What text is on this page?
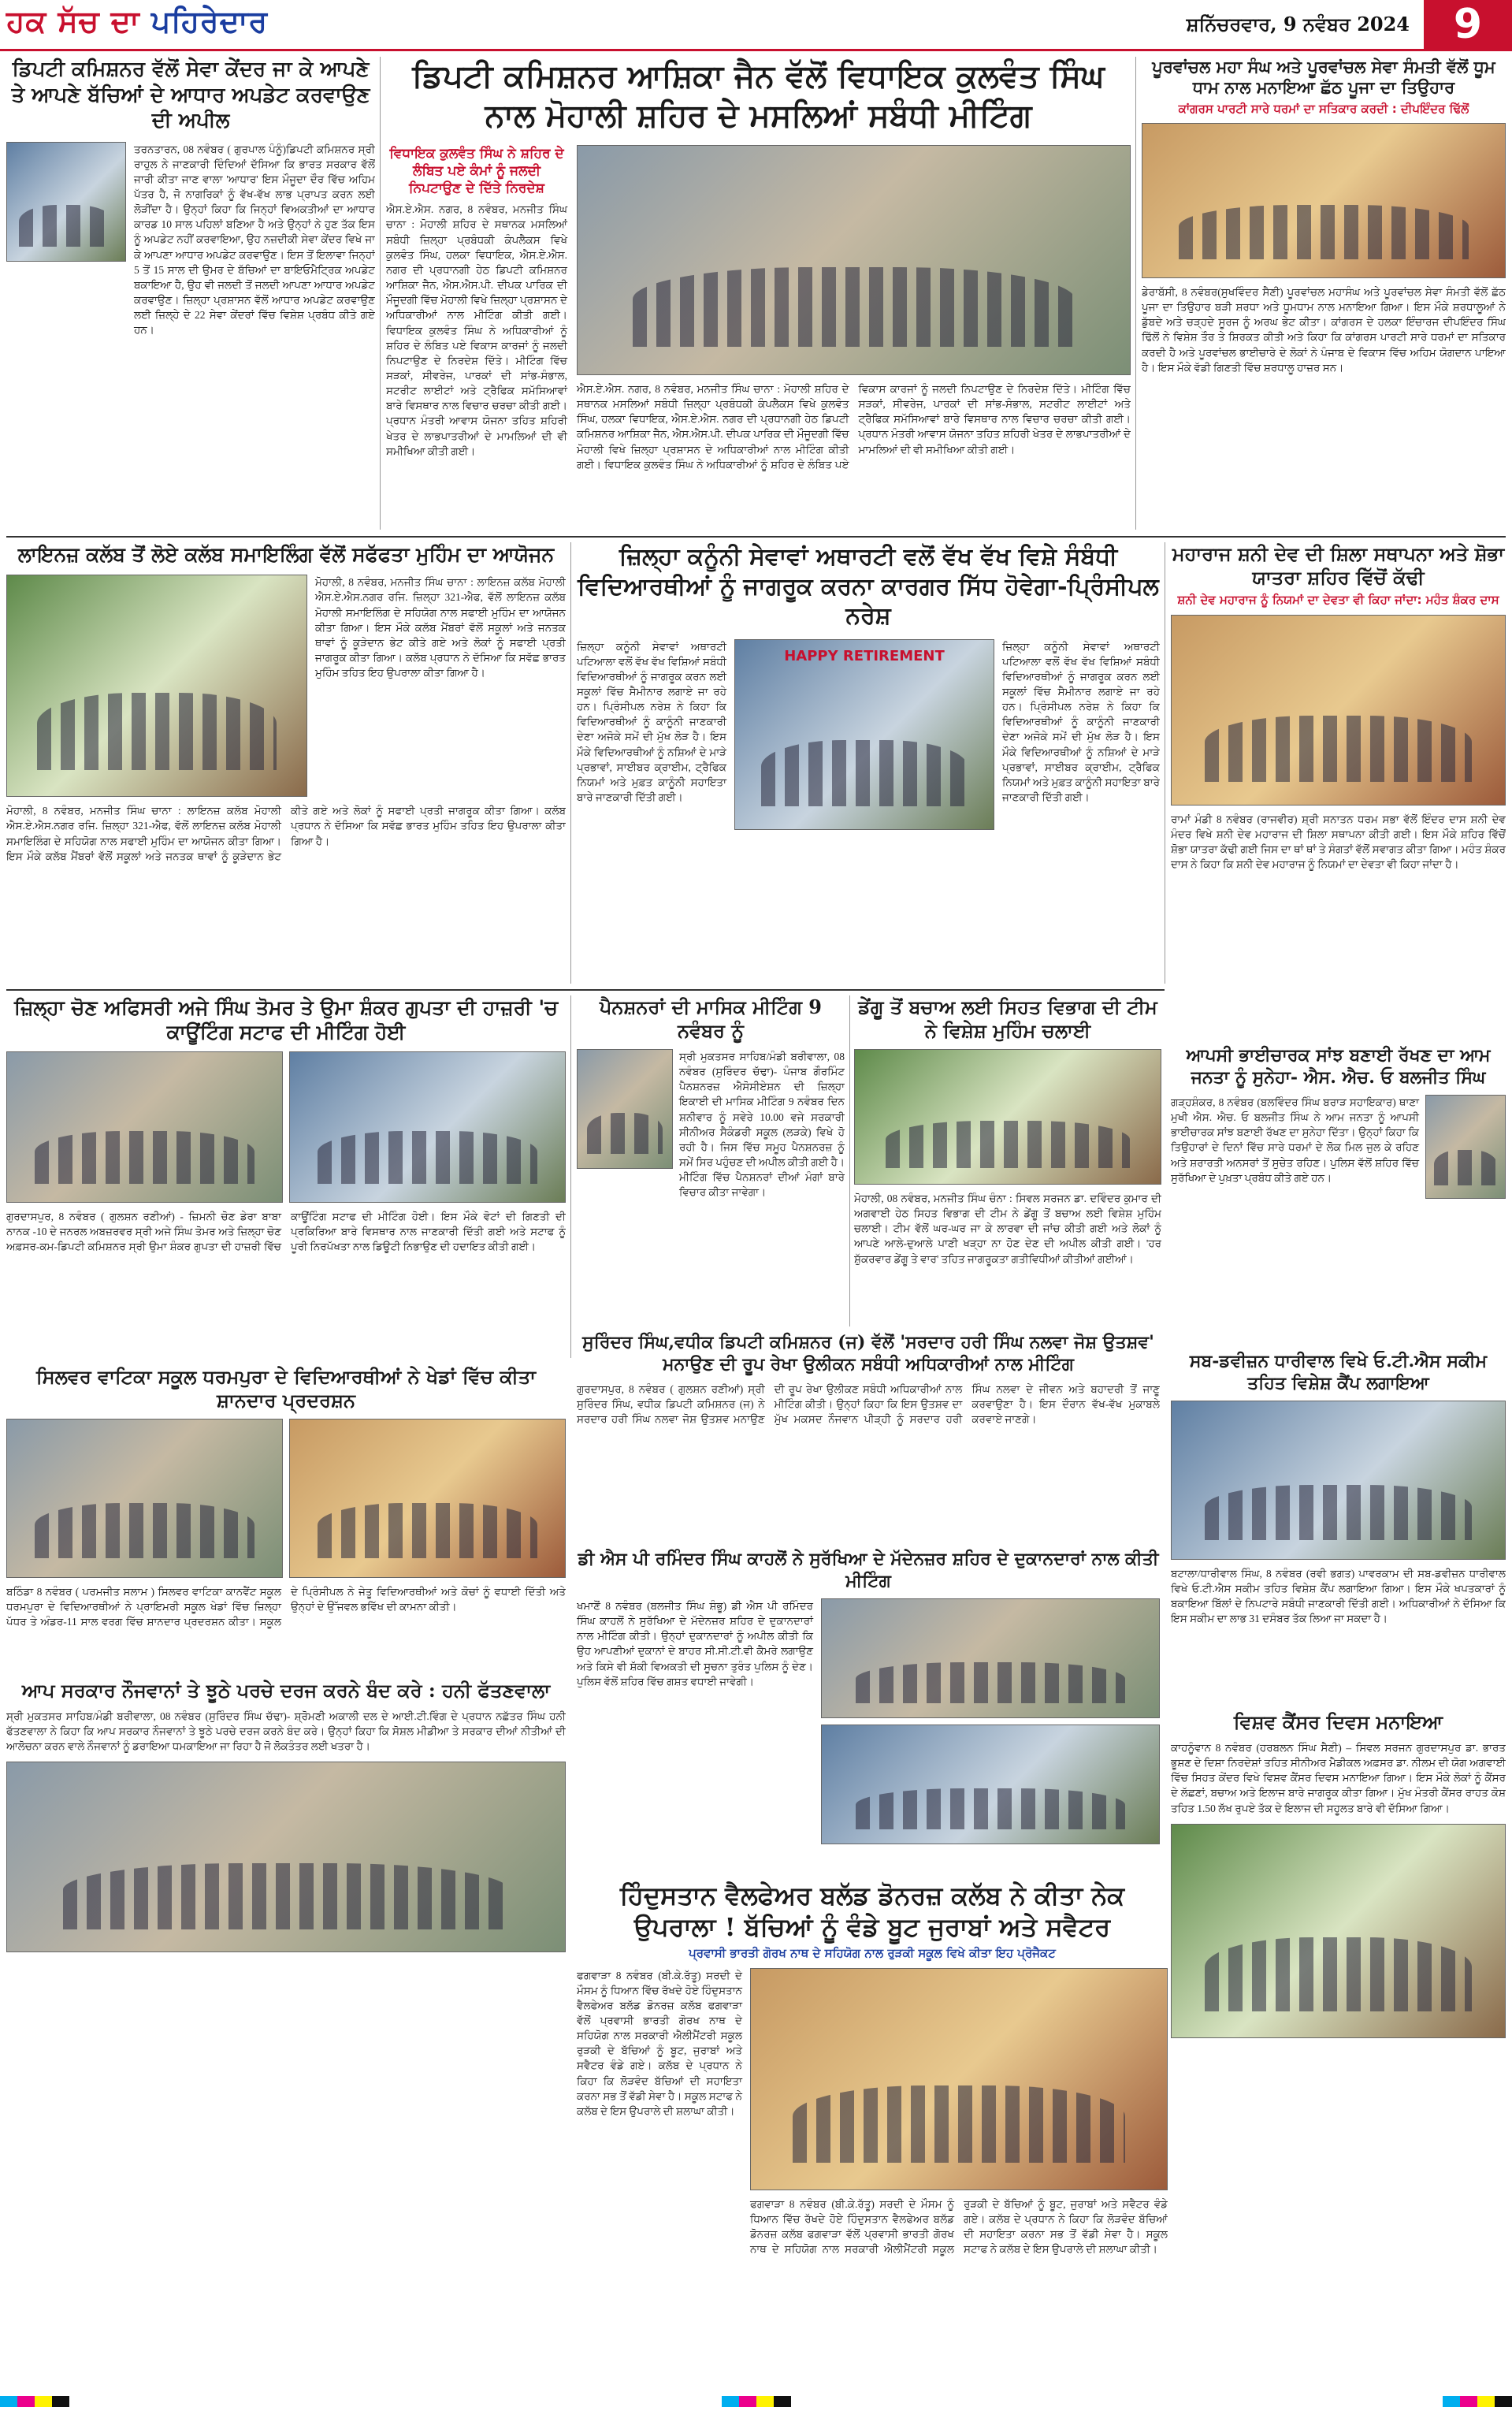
ਹਕ ਸੱਚ ਦਾ ਪਹਿਰੇਦਾਰ	ਸ਼ਨਿੱਚਰਵਾਰ, 9 ਨਵੰਬਰ 2024	9
ਡਿਪਟੀ ਕਮਿਸ਼ਨਰ ਵੱਲੋਂ ਸੇਵਾ ਕੇਂਦਰ ਜਾ ਕੇ ਆਪਣੇ ਤੇ ਆਪਣੇ ਬੱਚਿਆਂ ਦੇ ਆਧਾਰ ਅਪਡੇਟ ਕਰਵਾਉਣ ਦੀ ਅਪੀਲ
ਤਰਨਤਾਰਨ, 08 ਨਵੰਬਰ ( ਗੁਰਪਾਲ ਪੰਨੂੰ)ਡਿਪਟੀ ਕਮਿਸ਼ਨਰ ਸ੍ਰੀ ਰਾਹੁਲ ਨੇ ਜਾਣਕਾਰੀ ਦਿੰਦਿਆਂ ਦੱਸਿਆ ਕਿ ਭਾਰਤ ਸਰਕਾਰ ਵੱਲੋਂ ਜਾਰੀ ਕੀਤਾ ਜਾਣ ਵਾਲਾ 'ਆਧਾਰ' ਇਸ ਮੌਜੂਦਾ ਦੌਰ ਵਿੱਚ ਅਹਿਮ ਪੱਤਰ ਹੈ, ਜੋ ਨਾਗਰਿਕਾਂ ਨੂੰ ਵੱਖ-ਵੱਖ ਲਾਭ ਪ੍ਰਾਪਤ ਕਰਨ ਲਈ ਲੋੜੀਂਦਾ ਹੈ। ਉਨ੍ਹਾਂ ਕਿਹਾ ਕਿ ਜਿਨ੍ਹਾਂ ਵਿਅਕਤੀਆਂ ਦਾ ਆਧਾਰ ਕਾਰਡ 10 ਸਾਲ ਪਹਿਲਾਂ ਬਣਿਆ ਹੈ ਅਤੇ ਉਨ੍ਹਾਂ ਨੇ ਹੁਣ ਤੱਕ ਇਸ ਨੂੰ ਅਪਡੇਟ ਨਹੀਂ ਕਰਵਾਇਆ, ਉਹ ਨਜ਼ਦੀਕੀ ਸੇਵਾ ਕੇਂਦਰ ਵਿਖੇ ਜਾ ਕੇ ਆਪਣਾ ਆਧਾਰ ਅਪਡੇਟ ਕਰਵਾਉਣ। ਇਸ ਤੋਂ ਇਲਾਵਾ ਜਿਨ੍ਹਾਂ 5 ਤੋਂ 15 ਸਾਲ ਦੀ ਉਮਰ ਦੇ ਬੱਚਿਆਂ ਦਾ ਬਾਇਓਮੈਟ੍ਰਿਕ ਅਪਡੇਟ ਬਕਾਇਆ ਹੈ, ਉਹ ਵੀ ਜਲਦੀ ਤੋਂ ਜਲਦੀ ਆਪਣਾ ਆਧਾਰ ਅਪਡੇਟ ਕਰਵਾਉਣ। ਜ਼ਿਲ੍ਹਾ ਪ੍ਰਸ਼ਾਸਨ ਵੱਲੋਂ ਆਧਾਰ ਅਪਡੇਟ ਕਰਵਾਉਣ ਲਈ ਜ਼ਿਲ੍ਹੇ ਦੇ 22 ਸੇਵਾ ਕੇਂਦਰਾਂ ਵਿੱਚ ਵਿਸ਼ੇਸ਼ ਪ੍ਰਬੰਧ ਕੀਤੇ ਗਏ ਹਨ।
ਡਿਪਟੀ ਕਮਿਸ਼ਨਰ ਆਸ਼ਿਕਾ ਜੈਨ ਵੱਲੋਂ ਵਿਧਾਇਕ ਕੁਲਵੰਤ ਸਿੰਘ ਨਾਲ ਮੋਹਾਲੀ ਸ਼ਹਿਰ ਦੇ ਮਸਲਿਆਂ ਸਬੰਧੀ ਮੀਟਿੰਗ
ਵਿਧਾਇਕ ਕੁਲਵੰਤ ਸਿੰਘ ਨੇ ਸ਼ਹਿਰ ਦੇ ਲੰਬਿਤ ਪਏ ਕੰਮਾਂ ਨੂੰ ਜਲਦੀ ਨਿਪਟਾਉਣ ਦੇ ਦਿੱਤੇ ਨਿਰਦੇਸ਼
ਐਸ.ਏ.ਐਸ. ਨਗਰ, 8 ਨਵੰਬਰ, ਮਨਜੀਤ ਸਿੰਘ ਚਾਨਾ : ਮੋਹਾਲੀ ਸ਼ਹਿਰ ਦੇ ਸਥਾਨਕ ਮਸਲਿਆਂ ਸਬੰਧੀ ਜ਼ਿਲ੍ਹਾ ਪ੍ਰਬੰਧਕੀ ਕੰਪਲੈਕਸ ਵਿਖੇ ਕੁਲਵੰਤ ਸਿੰਘ, ਹਲਕਾ ਵਿਧਾਇਕ, ਐਸ.ਏ.ਐਸ. ਨਗਰ ਦੀ ਪ੍ਰਧਾਨਗੀ ਹੇਠ ਡਿਪਟੀ ਕਮਿਸ਼ਨਰ ਆਸ਼ਿਕਾ ਜੈਨ, ਐਸ.ਐਸ.ਪੀ. ਦੀਪਕ ਪਾਰਿਕ ਦੀ ਮੌਜੂਦਗੀ ਵਿੱਚ ਮੋਹਾਲੀ ਵਿਖੇ ਜ਼ਿਲ੍ਹਾ ਪ੍ਰਸ਼ਾਸਨ ਦੇ ਅਧਿਕਾਰੀਆਂ ਨਾਲ ਮੀਟਿੰਗ ਕੀਤੀ ਗਈ। ਵਿਧਾਇਕ ਕੁਲਵੰਤ ਸਿੰਘ ਨੇ ਅਧਿਕਾਰੀਆਂ ਨੂੰ ਸ਼ਹਿਰ ਦੇ ਲੰਬਿਤ ਪਏ ਵਿਕਾਸ ਕਾਰਜਾਂ ਨੂੰ ਜਲਦੀ ਨਿਪਟਾਉਣ ਦੇ ਨਿਰਦੇਸ਼ ਦਿੱਤੇ। ਮੀਟਿੰਗ ਵਿੱਚ ਸੜਕਾਂ, ਸੀਵਰੇਜ, ਪਾਰਕਾਂ ਦੀ ਸਾਂਭ-ਸੰਭਾਲ, ਸਟਰੀਟ ਲਾਈਟਾਂ ਅਤੇ ਟ੍ਰੈਫਿਕ ਸਮੱਸਿਆਵਾਂ ਬਾਰੇ ਵਿਸਥਾਰ ਨਾਲ ਵਿਚਾਰ ਚਰਚਾ ਕੀਤੀ ਗਈ। ਪ੍ਰਧਾਨ ਮੰਤਰੀ ਆਵਾਸ ਯੋਜਨਾ ਤਹਿਤ ਸ਼ਹਿਰੀ ਖੇਤਰ ਦੇ ਲਾਭਪਾਤਰੀਆਂ ਦੇ ਮਾਮਲਿਆਂ ਦੀ ਵੀ ਸਮੀਖਿਆ ਕੀਤੀ ਗਈ।
ਐਸ.ਏ.ਐਸ. ਨਗਰ, 8 ਨਵੰਬਰ, ਮਨਜੀਤ ਸਿੰਘ ਚਾਨਾ : ਮੋਹਾਲੀ ਸ਼ਹਿਰ ਦੇ ਸਥਾਨਕ ਮਸਲਿਆਂ ਸਬੰਧੀ ਜ਼ਿਲ੍ਹਾ ਪ੍ਰਬੰਧਕੀ ਕੰਪਲੈਕਸ ਵਿਖੇ ਕੁਲਵੰਤ ਸਿੰਘ, ਹਲਕਾ ਵਿਧਾਇਕ, ਐਸ.ਏ.ਐਸ. ਨਗਰ ਦੀ ਪ੍ਰਧਾਨਗੀ ਹੇਠ ਡਿਪਟੀ ਕਮਿਸ਼ਨਰ ਆਸ਼ਿਕਾ ਜੈਨ, ਐਸ.ਐਸ.ਪੀ. ਦੀਪਕ ਪਾਰਿਕ ਦੀ ਮੌਜੂਦਗੀ ਵਿੱਚ ਮੋਹਾਲੀ ਵਿਖੇ ਜ਼ਿਲ੍ਹਾ ਪ੍ਰਸ਼ਾਸਨ ਦੇ ਅਧਿਕਾਰੀਆਂ ਨਾਲ ਮੀਟਿੰਗ ਕੀਤੀ ਗਈ। ਵਿਧਾਇਕ ਕੁਲਵੰਤ ਸਿੰਘ ਨੇ ਅਧਿਕਾਰੀਆਂ ਨੂੰ ਸ਼ਹਿਰ ਦੇ ਲੰਬਿਤ ਪਏ ਵਿਕਾਸ ਕਾਰਜਾਂ ਨੂੰ ਜਲਦੀ ਨਿਪਟਾਉਣ ਦੇ ਨਿਰਦੇਸ਼ ਦਿੱਤੇ। ਮੀਟਿੰਗ ਵਿੱਚ ਸੜਕਾਂ, ਸੀਵਰੇਜ, ਪਾਰਕਾਂ ਦੀ ਸਾਂਭ-ਸੰਭਾਲ, ਸਟਰੀਟ ਲਾਈਟਾਂ ਅਤੇ ਟ੍ਰੈਫਿਕ ਸਮੱਸਿਆਵਾਂ ਬਾਰੇ ਵਿਸਥਾਰ ਨਾਲ ਵਿਚਾਰ ਚਰਚਾ ਕੀਤੀ ਗਈ। ਪ੍ਰਧਾਨ ਮੰਤਰੀ ਆਵਾਸ ਯੋਜਨਾ ਤਹਿਤ ਸ਼ਹਿਰੀ ਖੇਤਰ ਦੇ ਲਾਭਪਾਤਰੀਆਂ ਦੇ ਮਾਮਲਿਆਂ ਦੀ ਵੀ ਸਮੀਖਿਆ ਕੀਤੀ ਗਈ।
ਪੂਰਵਾਂਚਲ ਮਹਾ ਸੰਘ ਅਤੇ ਪੂਰਵਾਂਚਲ ਸੇਵਾ ਸੰਮਤੀ ਵੱਲੋਂ ਧੂਮ ਧਾਮ ਨਾਲ ਮਨਾਇਆ ਛੱਠ ਪੂਜਾ ਦਾ ਤਿਉਹਾਰ
ਕਾਂਗਰਸ ਪਾਰਟੀ ਸਾਰੇ ਧਰਮਾਂ ਦਾ ਸਤਿਕਾਰ ਕਰਦੀ : ਦੀਪਇੰਦਰ ਢਿੱਲੋਂ
ਡੇਰਾਬੱਸੀ, 8 ਨਵੰਬਰ(ਸੁਖਵਿੰਦਰ ਸੈਣੀ) ਪੂਰਵਾਂਚਲ ਮਹਾਸੰਘ ਅਤੇ ਪੂਰਵਾਂਚਲ ਸੇਵਾ ਸੰਮਤੀ ਵੱਲੋਂ ਛੱਠ ਪੂਜਾ ਦਾ ਤਿਉਹਾਰ ਬੜੀ ਸ਼ਰਧਾ ਅਤੇ ਧੂਮਧਾਮ ਨਾਲ ਮਨਾਇਆ ਗਿਆ। ਇਸ ਮੌਕੇ ਸ਼ਰਧਾਲੂਆਂ ਨੇ ਡੁੱਬਦੇ ਅਤੇ ਚੜ੍ਹਦੇ ਸੂਰਜ ਨੂੰ ਅਰਘ ਭੇਟ ਕੀਤਾ। ਕਾਂਗਰਸ ਦੇ ਹਲਕਾ ਇੰਚਾਰਜ ਦੀਪਇੰਦਰ ਸਿੰਘ ਢਿੱਲੋਂ ਨੇ ਵਿਸ਼ੇਸ਼ ਤੌਰ ਤੇ ਸ਼ਿਰਕਤ ਕੀਤੀ ਅਤੇ ਕਿਹਾ ਕਿ ਕਾਂਗਰਸ ਪਾਰਟੀ ਸਾਰੇ ਧਰਮਾਂ ਦਾ ਸਤਿਕਾਰ ਕਰਦੀ ਹੈ ਅਤੇ ਪੂਰਵਾਂਚਲ ਭਾਈਚਾਰੇ ਦੇ ਲੋਕਾਂ ਨੇ ਪੰਜਾਬ ਦੇ ਵਿਕਾਸ ਵਿੱਚ ਅਹਿਮ ਯੋਗਦਾਨ ਪਾਇਆ ਹੈ। ਇਸ ਮੌਕੇ ਵੱਡੀ ਗਿਣਤੀ ਵਿੱਚ ਸ਼ਰਧਾਲੂ ਹਾਜ਼ਰ ਸਨ।
ਲਾਇਨਜ਼ ਕਲੱਬ ਤੋਂ ਲੋਏ ਕਲੱਬ ਸਮਾਇਲਿੰਗ ਵੱਲੋਂ ਸਫੱਫਤਾ ਮੁਹਿੰਮ ਦਾ ਆਯੋਜਨ
ਮੋਹਾਲੀ, 8 ਨਵੰਬਰ, ਮਨਜੀਤ ਸਿੰਘ ਚਾਨਾ : ਲਾਇਨਜ਼ ਕਲੱਬ ਮੋਹਾਲੀ ਐਸ.ਏ.ਐਸ.ਨਗਰ ਰਜਿ. ਜ਼ਿਲ੍ਹਾ 321-ਐਫ, ਵੱਲੋਂ ਲਾਇਨਜ਼ ਕਲੱਬ ਮੋਹਾਲੀ ਸਮਾਇਲਿੰਗ ਦੇ ਸਹਿਯੋਗ ਨਾਲ ਸਫਾਈ ਮੁਹਿੰਮ ਦਾ ਆਯੋਜਨ ਕੀਤਾ ਗਿਆ। ਇਸ ਮੌਕੇ ਕਲੱਬ ਮੈਂਬਰਾਂ ਵੱਲੋਂ ਸਕੂਲਾਂ ਅਤੇ ਜਨਤਕ ਥਾਵਾਂ ਨੂੰ ਕੂੜੇਦਾਨ ਭੇਟ ਕੀਤੇ ਗਏ ਅਤੇ ਲੋਕਾਂ ਨੂੰ ਸਫਾਈ ਪ੍ਰਤੀ ਜਾਗਰੂਕ ਕੀਤਾ ਗਿਆ। ਕਲੱਬ ਪ੍ਰਧਾਨ ਨੇ ਦੱਸਿਆ ਕਿ ਸਵੱਛ ਭਾਰਤ ਮੁਹਿੰਮ ਤਹਿਤ ਇਹ ਉਪਰਾਲਾ ਕੀਤਾ ਗਿਆ ਹੈ।
ਮੋਹਾਲੀ, 8 ਨਵੰਬਰ, ਮਨਜੀਤ ਸਿੰਘ ਚਾਨਾ : ਲਾਇਨਜ਼ ਕਲੱਬ ਮੋਹਾਲੀ ਐਸ.ਏ.ਐਸ.ਨਗਰ ਰਜਿ. ਜ਼ਿਲ੍ਹਾ 321-ਐਫ, ਵੱਲੋਂ ਲਾਇਨਜ਼ ਕਲੱਬ ਮੋਹਾਲੀ ਸਮਾਇਲਿੰਗ ਦੇ ਸਹਿਯੋਗ ਨਾਲ ਸਫਾਈ ਮੁਹਿੰਮ ਦਾ ਆਯੋਜਨ ਕੀਤਾ ਗਿਆ। ਇਸ ਮੌਕੇ ਕਲੱਬ ਮੈਂਬਰਾਂ ਵੱਲੋਂ ਸਕੂਲਾਂ ਅਤੇ ਜਨਤਕ ਥਾਵਾਂ ਨੂੰ ਕੂੜੇਦਾਨ ਭੇਟ ਕੀਤੇ ਗਏ ਅਤੇ ਲੋਕਾਂ ਨੂੰ ਸਫਾਈ ਪ੍ਰਤੀ ਜਾਗਰੂਕ ਕੀਤਾ ਗਿਆ। ਕਲੱਬ ਪ੍ਰਧਾਨ ਨੇ ਦੱਸਿਆ ਕਿ ਸਵੱਛ ਭਾਰਤ ਮੁਹਿੰਮ ਤਹਿਤ ਇਹ ਉਪਰਾਲਾ ਕੀਤਾ ਗਿਆ ਹੈ।
ਜ਼ਿਲ੍ਹਾ ਕਨੂੰਨੀ ਸੇਵਾਵਾਂ ਅਥਾਰਟੀ ਵਲੋਂ ਵੱਖ ਵੱਖ ਵਿਸ਼ੇ ਸੰਬੰਧੀ ਵਿਦਿਆਰਥੀਆਂ ਨੂੰ ਜਾਗਰੂਕ ਕਰਨਾ ਕਾਰਗਰ ਸਿੱਧ ਹੋਵੇਗਾ-ਪ੍ਰਿੰਸੀਪਲ ਨਰੇਸ਼
ਜ਼ਿਲ੍ਹਾ ਕਨੂੰਨੀ ਸੇਵਾਵਾਂ ਅਥਾਰਟੀ ਪਟਿਆਲਾ ਵਲੋਂ ਵੱਖ ਵੱਖ ਵਿਸ਼ਿਆਂ ਸਬੰਧੀ ਵਿਦਿਆਰਥੀਆਂ ਨੂੰ ਜਾਗਰੂਕ ਕਰਨ ਲਈ ਸਕੂਲਾਂ ਵਿੱਚ ਸੈਮੀਨਾਰ ਲਗਾਏ ਜਾ ਰਹੇ ਹਨ। ਪ੍ਰਿੰਸੀਪਲ ਨਰੇਸ਼ ਨੇ ਕਿਹਾ ਕਿ ਵਿਦਿਆਰਥੀਆਂ ਨੂੰ ਕਾਨੂੰਨੀ ਜਾਣਕਾਰੀ ਦੇਣਾ ਅਜੋਕੇ ਸਮੇਂ ਦੀ ਮੁੱਖ ਲੋੜ ਹੈ। ਇਸ ਮੌਕੇ ਵਿਦਿਆਰਥੀਆਂ ਨੂੰ ਨਸ਼ਿਆਂ ਦੇ ਮਾੜੇ ਪ੍ਰਭਾਵਾਂ, ਸਾਈਬਰ ਕ੍ਰਾਈਮ, ਟ੍ਰੈਫਿਕ ਨਿਯਮਾਂ ਅਤੇ ਮੁਫ਼ਤ ਕਾਨੂੰਨੀ ਸਹਾਇਤਾ ਬਾਰੇ ਜਾਣਕਾਰੀ ਦਿੱਤੀ ਗਈ।
HAPPY RETIREMENT
ਜ਼ਿਲ੍ਹਾ ਕਨੂੰਨੀ ਸੇਵਾਵਾਂ ਅਥਾਰਟੀ ਪਟਿਆਲਾ ਵਲੋਂ ਵੱਖ ਵੱਖ ਵਿਸ਼ਿਆਂ ਸਬੰਧੀ ਵਿਦਿਆਰਥੀਆਂ ਨੂੰ ਜਾਗਰੂਕ ਕਰਨ ਲਈ ਸਕੂਲਾਂ ਵਿੱਚ ਸੈਮੀਨਾਰ ਲਗਾਏ ਜਾ ਰਹੇ ਹਨ। ਪ੍ਰਿੰਸੀਪਲ ਨਰੇਸ਼ ਨੇ ਕਿਹਾ ਕਿ ਵਿਦਿਆਰਥੀਆਂ ਨੂੰ ਕਾਨੂੰਨੀ ਜਾਣਕਾਰੀ ਦੇਣਾ ਅਜੋਕੇ ਸਮੇਂ ਦੀ ਮੁੱਖ ਲੋੜ ਹੈ। ਇਸ ਮੌਕੇ ਵਿਦਿਆਰਥੀਆਂ ਨੂੰ ਨਸ਼ਿਆਂ ਦੇ ਮਾੜੇ ਪ੍ਰਭਾਵਾਂ, ਸਾਈਬਰ ਕ੍ਰਾਈਮ, ਟ੍ਰੈਫਿਕ ਨਿਯਮਾਂ ਅਤੇ ਮੁਫ਼ਤ ਕਾਨੂੰਨੀ ਸਹਾਇਤਾ ਬਾਰੇ ਜਾਣਕਾਰੀ ਦਿੱਤੀ ਗਈ।
ਮਹਾਰਾਜ ਸ਼ਨੀ ਦੇਵ ਦੀ ਸ਼ਿਲਾ ਸਥਾਪਨਾ ਅਤੇ ਸ਼ੋਭਾ ਯਾਤਰਾ ਸ਼ਹਿਰ ਵਿੱਚੋਂ ਕੱਢੀ
ਸ਼ਨੀ ਦੇਵ ਮਹਾਰਾਜ ਨੂੰ ਨਿਯਮਾਂ ਦਾ ਦੇਵਤਾ ਵੀ ਕਿਹਾ ਜਾਂਦਾ: ਮਹੰਤ ਸ਼ੰਕਰ ਦਾਸ
ਰਾਮਾਂ ਮੰਡੀ 8 ਨਵੰਬਰ (ਰਾਜਵੀਰ) ਸ਼੍ਰੀ ਸਨਾਤਨ ਧਰਮ ਸਭਾ ਵੱਲੋਂ ਇੰਦਰ ਦਾਸ ਸ਼ਨੀ ਦੇਵ ਮੰਦਰ ਵਿਖੇ ਸ਼ਨੀ ਦੇਵ ਮਹਾਰਾਜ ਦੀ ਸ਼ਿਲਾ ਸਥਾਪਨਾ ਕੀਤੀ ਗਈ। ਇਸ ਮੌਕੇ ਸ਼ਹਿਰ ਵਿੱਚੋਂ ਸ਼ੋਭਾ ਯਾਤਰਾ ਕੱਢੀ ਗਈ ਜਿਸ ਦਾ ਥਾਂ ਥਾਂ ਤੇ ਸੰਗਤਾਂ ਵੱਲੋਂ ਸਵਾਗਤ ਕੀਤਾ ਗਿਆ। ਮਹੰਤ ਸ਼ੰਕਰ ਦਾਸ ਨੇ ਕਿਹਾ ਕਿ ਸ਼ਨੀ ਦੇਵ ਮਹਾਰਾਜ ਨੂੰ ਨਿਯਮਾਂ ਦਾ ਦੇਵਤਾ ਵੀ ਕਿਹਾ ਜਾਂਦਾ ਹੈ।
ਜ਼ਿਲ੍ਹਾ ਚੋਣ ਅਫਿਸਰੀ ਅਜੇ ਸਿੰਘ ਤੋਮਰ ਤੇ ਉਮਾ ਸ਼ੰਕਰ ਗੁਪਤਾ ਦੀ ਹਾਜ਼ਰੀ 'ਚ ਕਾਊਂਟਿੰਗ ਸਟਾਫ ਦੀ ਮੀਟਿੰਗ ਹੋਈ
ਗੁਰਦਾਸਪੁਰ, 8 ਨਵੰਬਰ ( ਗੁਲਸ਼ਨ ਰਣੀਆਂ) - ਜ਼ਿਮਨੀ ਚੋਣ ਡੇਰਾ ਬਾਬਾ ਨਾਨਕ -10 ਦੇ ਜਨਰਲ ਅਬਜ਼ਰਵਰ ਸ੍ਰੀ ਅਜੇ ਸਿੰਘ ਤੋਮਰ ਅਤੇ ਜ਼ਿਲ੍ਹਾ ਚੋਣ ਅਫ਼ਸਰ-ਕਮ-ਡਿਪਟੀ ਕਮਿਸ਼ਨਰ ਸ੍ਰੀ ਉਮਾ ਸ਼ੰਕਰ ਗੁਪਤਾ ਦੀ ਹਾਜ਼ਰੀ ਵਿੱਚ ਕਾਊਂਟਿੰਗ ਸਟਾਫ ਦੀ ਮੀਟਿੰਗ ਹੋਈ। ਇਸ ਮੌਕੇ ਵੋਟਾਂ ਦੀ ਗਿਣਤੀ ਦੀ ਪ੍ਰਕਿਰਿਆ ਬਾਰੇ ਵਿਸਥਾਰ ਨਾਲ ਜਾਣਕਾਰੀ ਦਿੱਤੀ ਗਈ ਅਤੇ ਸਟਾਫ ਨੂੰ ਪੂਰੀ ਨਿਰਪੱਖਤਾ ਨਾਲ ਡਿਊਟੀ ਨਿਭਾਉਣ ਦੀ ਹਦਾਇਤ ਕੀਤੀ ਗਈ।
ਪੈਨਸ਼ਨਰਾਂ ਦੀ ਮਾਸਿਕ ਮੀਟਿੰਗ 9 ਨਵੰਬਰ ਨੂੰ
ਸ੍ਰੀ ਮੁਕਤਸਰ ਸਾਹਿਬ/ਮੰਡੀ ਬਰੀਵਾਲਾ, 08 ਨਵੰਬਰ (ਸੁਰਿੰਦਰ ਚੱਢਾ)- ਪੰਜਾਬ ਗੌਰਮਿੰਟ ਪੈਨਸ਼ਨਰਜ਼ ਐਸੋਸੀਏਸ਼ਨ ਦੀ ਜ਼ਿਲ੍ਹਾ ਇਕਾਈ ਦੀ ਮਾਸਿਕ ਮੀਟਿੰਗ 9 ਨਵੰਬਰ ਦਿਨ ਸ਼ਨੀਵਾਰ ਨੂੰ ਸਵੇਰੇ 10.00 ਵਜੇ ਸਰਕਾਰੀ ਸੀਨੀਅਰ ਸੈਕੰਡਰੀ ਸਕੂਲ (ਲੜਕੇ) ਵਿਖੇ ਹੋ ਰਹੀ ਹੈ। ਜਿਸ ਵਿੱਚ ਸਮੂਹ ਪੈਨਸ਼ਨਰਜ਼ ਨੂੰ ਸਮੇਂ ਸਿਰ ਪਹੁੰਚਣ ਦੀ ਅਪੀਲ ਕੀਤੀ ਗਈ ਹੈ। ਮੀਟਿੰਗ ਵਿੱਚ ਪੈਨਸ਼ਨਰਾਂ ਦੀਆਂ ਮੰਗਾਂ ਬਾਰੇ ਵਿਚਾਰ ਕੀਤਾ ਜਾਵੇਗਾ।
ਡੇਂਗੂ ਤੋਂ ਬਚਾਅ ਲਈ ਸਿਹਤ ਵਿਭਾਗ ਦੀ ਟੀਮ ਨੇ ਵਿਸ਼ੇਸ਼ ਮੁਹਿੰਮ ਚਲਾਈ
ਮੋਹਾਲੀ, 08 ਨਵੰਬਰ, ਮਨਜੀਤ ਸਿੰਘ ਚੰਨਾ : ਸਿਵਲ ਸਰਜਨ ਡਾ. ਦਵਿੰਦਰ ਕੁਮਾਰ ਦੀ ਅਗਵਾਈ ਹੇਠ ਸਿਹਤ ਵਿਭਾਗ ਦੀ ਟੀਮ ਨੇ ਡੇਂਗੂ ਤੋਂ ਬਚਾਅ ਲਈ ਵਿਸ਼ੇਸ਼ ਮੁਹਿੰਮ ਚਲਾਈ। ਟੀਮ ਵੱਲੋਂ ਘਰ-ਘਰ ਜਾ ਕੇ ਲਾਰਵਾ ਦੀ ਜਾਂਚ ਕੀਤੀ ਗਈ ਅਤੇ ਲੋਕਾਂ ਨੂੰ ਆਪਣੇ ਆਲੇ-ਦੁਆਲੇ ਪਾਣੀ ਖੜ੍ਹਾ ਨਾ ਹੋਣ ਦੇਣ ਦੀ ਅਪੀਲ ਕੀਤੀ ਗਈ। 'ਹਰ ਸ਼ੁੱਕਰਵਾਰ ਡੇਂਗੂ ਤੇ ਵਾਰ' ਤਹਿਤ ਜਾਗਰੂਕਤਾ ਗਤੀਵਿਧੀਆਂ ਕੀਤੀਆਂ ਗਈਆਂ।
ਆਪਸੀ ਭਾਈਚਾਰਕ ਸਾਂਝ ਬਣਾਈ ਰੱਖਣ ਦਾ ਆਮ ਜਨਤਾ ਨੂੰ ਸੁਨੇਹਾ- ਐਸ. ਐਚ. ਓ ਬਲਜੀਤ ਸਿੰਘ
ਗੜ੍ਹਸ਼ੰਕਰ, 8 ਨਵੰਬਰ (ਬਲਵਿੰਦਰ ਸਿੰਘ ਬਰਾੜ ਸਹਾਇਕਾਰ) ਥਾਣਾ ਮੁਖੀ ਐਸ. ਐਚ. ਓ ਬਲਜੀਤ ਸਿੰਘ ਨੇ ਆਮ ਜਨਤਾ ਨੂੰ ਆਪਸੀ ਭਾਈਚਾਰਕ ਸਾਂਝ ਬਣਾਈ ਰੱਖਣ ਦਾ ਸੁਨੇਹਾ ਦਿੱਤਾ। ਉਨ੍ਹਾਂ ਕਿਹਾ ਕਿ ਤਿਉਹਾਰਾਂ ਦੇ ਦਿਨਾਂ ਵਿੱਚ ਸਾਰੇ ਧਰਮਾਂ ਦੇ ਲੋਕ ਮਿਲ ਜੁਲ ਕੇ ਰਹਿਣ ਅਤੇ ਸ਼ਰਾਰਤੀ ਅਨਸਰਾਂ ਤੋਂ ਸੁਚੇਤ ਰਹਿਣ। ਪੁਲਿਸ ਵੱਲੋਂ ਸ਼ਹਿਰ ਵਿੱਚ ਸੁਰੱਖਿਆ ਦੇ ਪੁਖ਼ਤਾ ਪ੍ਰਬੰਧ ਕੀਤੇ ਗਏ ਹਨ।
ਸੁਰਿੰਦਰ ਸਿੰਘ,ਵਧੀਕ ਡਿਪਟੀ ਕਮਿਸ਼ਨਰ (ਜ) ਵੱਲੋਂ 'ਸਰਦਾਰ ਹਰੀ ਸਿੰਘ ਨਲਵਾ ਜੋਸ਼ ਉਤਸ਼ਵ' ਮਨਾਉਣ ਦੀ ਰੂਪ ਰੇਖਾ ਉਲੀਕਨ ਸਬੰਧੀ ਅਧਿਕਾਰੀਆਂ ਨਾਲ ਮੀਟਿੰਗ
ਗੁਰਦਾਸਪੁਰ, 8 ਨਵੰਬਰ ( ਗੁਲਸ਼ਨ ਰਣੀਆਂ) ਸ੍ਰੀ ਸੁਰਿੰਦਰ ਸਿੰਘ, ਵਧੀਕ ਡਿਪਟੀ ਕਮਿਸ਼ਨਰ (ਜ) ਨੇ ਸਰਦਾਰ ਹਰੀ ਸਿੰਘ ਨਲਵਾ ਜੋਸ਼ ਉਤਸ਼ਵ ਮਨਾਉਣ ਦੀ ਰੂਪ ਰੇਖਾ ਉਲੀਕਣ ਸਬੰਧੀ ਅਧਿਕਾਰੀਆਂ ਨਾਲ ਮੀਟਿੰਗ ਕੀਤੀ। ਉਨ੍ਹਾਂ ਕਿਹਾ ਕਿ ਇਸ ਉਤਸ਼ਵ ਦਾ ਮੁੱਖ ਮਕਸਦ ਨੌਜਵਾਨ ਪੀੜ੍ਹੀ ਨੂੰ ਸਰਦਾਰ ਹਰੀ ਸਿੰਘ ਨਲਵਾ ਦੇ ਜੀਵਨ ਅਤੇ ਬਹਾਦਰੀ ਤੋਂ ਜਾਣੂ ਕਰਵਾਉਣਾ ਹੈ। ਇਸ ਦੌਰਾਨ ਵੱਖ-ਵੱਖ ਮੁਕਾਬਲੇ ਕਰਵਾਏ ਜਾਣਗੇ।
ਸਿਲਵਰ ਵਾਟਿਕਾ ਸਕੂਲ ਧਰਮਪੁਰਾ ਦੇ ਵਿਦਿਆਰਥੀਆਂ ਨੇ ਖੇਡਾਂ ਵਿੱਚ ਕੀਤਾ ਸ਼ਾਨਦਾਰ ਪ੍ਰਦਰਸ਼ਨ
ਬਠਿੰਡਾ 8 ਨਵੰਬਰ ( ਪਰਮਜੀਤ ਸਲਾਮ ) ਸਿਲਵਰ ਵਾਟਿਕਾ ਕਾਨਵੈਂਟ ਸਕੂਲ ਧਰਮਪੁਰਾ ਦੇ ਵਿਦਿਆਰਥੀਆਂ ਨੇ ਪ੍ਰਾਇਮਰੀ ਸਕੂਲ ਖੇਡਾਂ ਵਿੱਚ ਜ਼ਿਲ੍ਹਾ ਪੱਧਰ ਤੇ ਅੰਡਰ-11 ਸਾਲ ਵਰਗ ਵਿੱਚ ਸ਼ਾਨਦਾਰ ਪ੍ਰਦਰਸ਼ਨ ਕੀਤਾ। ਸਕੂਲ ਦੇ ਪ੍ਰਿੰਸੀਪਲ ਨੇ ਜੇਤੂ ਵਿਦਿਆਰਥੀਆਂ ਅਤੇ ਕੋਚਾਂ ਨੂੰ ਵਧਾਈ ਦਿੱਤੀ ਅਤੇ ਉਨ੍ਹਾਂ ਦੇ ਉੱਜਵਲ ਭਵਿੱਖ ਦੀ ਕਾਮਨਾ ਕੀਤੀ।
ਸਬ-ਡਵੀਜ਼ਨ ਧਾਰੀਵਾਲ ਵਿਖੇ ਓ.ਟੀ.ਐਸ ਸਕੀਮ ਤਹਿਤ ਵਿਸ਼ੇਸ਼ ਕੈਂਪ ਲਗਾਇਆ
ਬਟਾਲਾ/ਧਾਰੀਵਾਲ ਸਿੰਘ, 8 ਨਵੰਬਰ (ਰਵੀ ਭਗਤ) ਪਾਵਰਕਾਮ ਦੀ ਸਬ-ਡਵੀਜ਼ਨ ਧਾਰੀਵਾਲ ਵਿਖੇ ਓ.ਟੀ.ਐਸ ਸਕੀਮ ਤਹਿਤ ਵਿਸ਼ੇਸ਼ ਕੈਂਪ ਲਗਾਇਆ ਗਿਆ। ਇਸ ਮੌਕੇ ਖਪਤਕਾਰਾਂ ਨੂੰ ਬਕਾਇਆ ਬਿੱਲਾਂ ਦੇ ਨਿਪਟਾਰੇ ਸਬੰਧੀ ਜਾਣਕਾਰੀ ਦਿੱਤੀ ਗਈ। ਅਧਿਕਾਰੀਆਂ ਨੇ ਦੱਸਿਆ ਕਿ ਇਸ ਸਕੀਮ ਦਾ ਲਾਭ 31 ਦਸੰਬਰ ਤੱਕ ਲਿਆ ਜਾ ਸਕਦਾ ਹੈ।
ਡੀ ਐਸ ਪੀ ਰਮਿੰਦਰ ਸਿੰਘ ਕਾਹਲੋਂ ਨੇ ਸੁਰੱਖਿਆ ਦੇ ਮੱਦੇਨਜ਼ਰ ਸ਼ਹਿਰ ਦੇ ਦੁਕਾਨਦਾਰਾਂ ਨਾਲ ਕੀਤੀ ਮੀਟਿੰਗ
ਖਮਾਣੋਂ 8 ਨਵੰਬਰ (ਬਲਜੀਤ ਸਿੰਘ ਸ਼ੰਭੂ) ਡੀ ਐਸ ਪੀ ਰਮਿੰਦਰ ਸਿੰਘ ਕਾਹਲੋਂ ਨੇ ਸੁਰੱਖਿਆ ਦੇ ਮੱਦੇਨਜ਼ਰ ਸ਼ਹਿਰ ਦੇ ਦੁਕਾਨਦਾਰਾਂ ਨਾਲ ਮੀਟਿੰਗ ਕੀਤੀ। ਉਨ੍ਹਾਂ ਦੁਕਾਨਦਾਰਾਂ ਨੂੰ ਅਪੀਲ ਕੀਤੀ ਕਿ ਉਹ ਆਪਣੀਆਂ ਦੁਕਾਨਾਂ ਦੇ ਬਾਹਰ ਸੀ.ਸੀ.ਟੀ.ਵੀ ਕੈਮਰੇ ਲਗਾਉਣ ਅਤੇ ਕਿਸੇ ਵੀ ਸ਼ੱਕੀ ਵਿਅਕਤੀ ਦੀ ਸੂਚਨਾ ਤੁਰੰਤ ਪੁਲਿਸ ਨੂੰ ਦੇਣ। ਪੁਲਿਸ ਵੱਲੋਂ ਸ਼ਹਿਰ ਵਿੱਚ ਗਸ਼ਤ ਵਧਾਈ ਜਾਵੇਗੀ।
ਵਿਸ਼ਵ ਕੈਂਸਰ ਦਿਵਸ ਮਨਾਇਆ
ਕਾਹਨੂੰਵਾਨ 8 ਨਵੰਬਰ (ਹਰਬਲਨ ਸਿੰਘ ਸੈਣੀ) – ਸਿਵਲ ਸਰਜਨ ਗੁਰਦਾਸਪੁਰ ਡਾ. ਭਾਰਤ ਭੂਸ਼ਣ ਦੇ ਦਿਸ਼ਾ ਨਿਰਦੇਸ਼ਾਂ ਤਹਿਤ ਸੀਨੀਅਰ ਮੈਡੀਕਲ ਅਫ਼ਸਰ ਡਾ. ਨੀਲਮ ਦੀ ਯੋਗ ਅਗਵਾਈ ਵਿੱਚ ਸਿਹਤ ਕੇਂਦਰ ਵਿਖੇ ਵਿਸ਼ਵ ਕੈਂਸਰ ਦਿਵਸ ਮਨਾਇਆ ਗਿਆ। ਇਸ ਮੌਕੇ ਲੋਕਾਂ ਨੂੰ ਕੈਂਸਰ ਦੇ ਲੱਛਣਾਂ, ਬਚਾਅ ਅਤੇ ਇਲਾਜ ਬਾਰੇ ਜਾਗਰੂਕ ਕੀਤਾ ਗਿਆ। ਮੁੱਖ ਮੰਤਰੀ ਕੈਂਸਰ ਰਾਹਤ ਕੋਸ਼ ਤਹਿਤ 1.50 ਲੱਖ ਰੁਪਏ ਤੱਕ ਦੇ ਇਲਾਜ ਦੀ ਸਹੂਲਤ ਬਾਰੇ ਵੀ ਦੱਸਿਆ ਗਿਆ।
ਆਪ ਸਰਕਾਰ ਨੌਜਵਾਨਾਂ ਤੇ ਝੂਠੇ ਪਰਚੇ ਦਰਜ ਕਰਨੇ ਬੰਦ ਕਰੇ : ਹਨੀ ਫੱਤਣਵਾਲਾ
ਸ੍ਰੀ ਮੁਕਤਸਰ ਸਾਹਿਬ/ਮੰਡੀ ਬਰੀਵਾਲਾ, 08 ਨਵੰਬਰ (ਸੁਰਿੰਦਰ ਸਿੰਘ ਚੱਢਾ)- ਸ਼੍ਰੋਮਣੀ ਅਕਾਲੀ ਦਲ ਦੇ ਆਈ.ਟੀ.ਵਿੰਗ ਦੇ ਪ੍ਰਧਾਨ ਨਛੱਤਰ ਸਿੰਘ ਹਨੀ ਫੱਤਣਵਾਲਾ ਨੇ ਕਿਹਾ ਕਿ ਆਪ ਸਰਕਾਰ ਨੌਜਵਾਨਾਂ ਤੇ ਝੂਠੇ ਪਰਚੇ ਦਰਜ ਕਰਨੇ ਬੰਦ ਕਰੇ। ਉਨ੍ਹਾਂ ਕਿਹਾ ਕਿ ਸੋਸ਼ਲ ਮੀਡੀਆ ਤੇ ਸਰਕਾਰ ਦੀਆਂ ਨੀਤੀਆਂ ਦੀ ਆਲੋਚਨਾ ਕਰਨ ਵਾਲੇ ਨੌਜਵਾਨਾਂ ਨੂੰ ਡਰਾਇਆ ਧਮਕਾਇਆ ਜਾ ਰਿਹਾ ਹੈ ਜੋ ਲੋਕਤੰਤਰ ਲਈ ਖਤਰਾ ਹੈ।
ਹਿੰਦੁਸਤਾਨ ਵੈਲਫੇਅਰ ਬਲੱਡ ਡੋਨਰਜ਼ ਕਲੱਬ ਨੇ ਕੀਤਾ ਨੇਕ ਉਪਰਾਲਾ ! ਬੱਚਿਆਂ ਨੂੰ ਵੰਡੇ ਬੂਟ ਜੁਰਾਬਾਂ ਅਤੇ ਸਵੈਟਰ
ਪ੍ਰਵਾਸੀ ਭਾਰਤੀ ਗੋਰਖ ਨਾਥ ਦੇ ਸਹਿਯੋਗ ਨਾਲ ਰੁੜਕੀ ਸਕੂਲ ਵਿਖੇ ਕੀਤਾ ਇਹ ਪ੍ਰੋਜੈਕਟ
ਫਗਵਾੜਾ 8 ਨਵੰਬਰ (ਬੀ.ਕੇ.ਰੱਤੂ) ਸਰਦੀ ਦੇ ਮੌਸਮ ਨੂੰ ਧਿਆਨ ਵਿੱਚ ਰੱਖਦੇ ਹੋਏ ਹਿੰਦੁਸਤਾਨ ਵੈਲਫੇਅਰ ਬਲੱਡ ਡੋਨਰਜ਼ ਕਲੱਬ ਫਗਵਾੜਾ ਵੱਲੋਂ ਪ੍ਰਵਾਸੀ ਭਾਰਤੀ ਗੋਰਖ ਨਾਥ ਦੇ ਸਹਿਯੋਗ ਨਾਲ ਸਰਕਾਰੀ ਐਲੀਮੈਂਟਰੀ ਸਕੂਲ ਰੁੜਕੀ ਦੇ ਬੱਚਿਆਂ ਨੂੰ ਬੂਟ, ਜੁਰਾਬਾਂ ਅਤੇ ਸਵੈਟਰ ਵੰਡੇ ਗਏ। ਕਲੱਬ ਦੇ ਪ੍ਰਧਾਨ ਨੇ ਕਿਹਾ ਕਿ ਲੋੜਵੰਦ ਬੱਚਿਆਂ ਦੀ ਸਹਾਇਤਾ ਕਰਨਾ ਸਭ ਤੋਂ ਵੱਡੀ ਸੇਵਾ ਹੈ। ਸਕੂਲ ਸਟਾਫ ਨੇ ਕਲੱਬ ਦੇ ਇਸ ਉਪਰਾਲੇ ਦੀ ਸ਼ਲਾਘਾ ਕੀਤੀ।
ਫਗਵਾੜਾ 8 ਨਵੰਬਰ (ਬੀ.ਕੇ.ਰੱਤੂ) ਸਰਦੀ ਦੇ ਮੌਸਮ ਨੂੰ ਧਿਆਨ ਵਿੱਚ ਰੱਖਦੇ ਹੋਏ ਹਿੰਦੁਸਤਾਨ ਵੈਲਫੇਅਰ ਬਲੱਡ ਡੋਨਰਜ਼ ਕਲੱਬ ਫਗਵਾੜਾ ਵੱਲੋਂ ਪ੍ਰਵਾਸੀ ਭਾਰਤੀ ਗੋਰਖ ਨਾਥ ਦੇ ਸਹਿਯੋਗ ਨਾਲ ਸਰਕਾਰੀ ਐਲੀਮੈਂਟਰੀ ਸਕੂਲ ਰੁੜਕੀ ਦੇ ਬੱਚਿਆਂ ਨੂੰ ਬੂਟ, ਜੁਰਾਬਾਂ ਅਤੇ ਸਵੈਟਰ ਵੰਡੇ ਗਏ। ਕਲੱਬ ਦੇ ਪ੍ਰਧਾਨ ਨੇ ਕਿਹਾ ਕਿ ਲੋੜਵੰਦ ਬੱਚਿਆਂ ਦੀ ਸਹਾਇਤਾ ਕਰਨਾ ਸਭ ਤੋਂ ਵੱਡੀ ਸੇਵਾ ਹੈ। ਸਕੂਲ ਸਟਾਫ ਨੇ ਕਲੱਬ ਦੇ ਇਸ ਉਪਰਾਲੇ ਦੀ ਸ਼ਲਾਘਾ ਕੀਤੀ।
